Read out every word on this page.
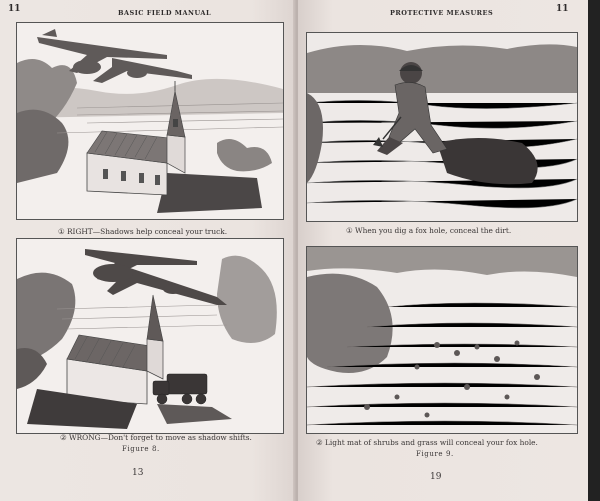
11	BASIC FIELD MANUAL
① RIGHT—Shadows help conceal your truck.
② WRONG—Don't forget to move as shadow shifts.
Figure 8.
13
PROTECTIVE MEASURES	11
① When you dig a fox hole, conceal the dirt.
② Light mat of shrubs and grass will conceal your fox hole.
Figure 9.
19
